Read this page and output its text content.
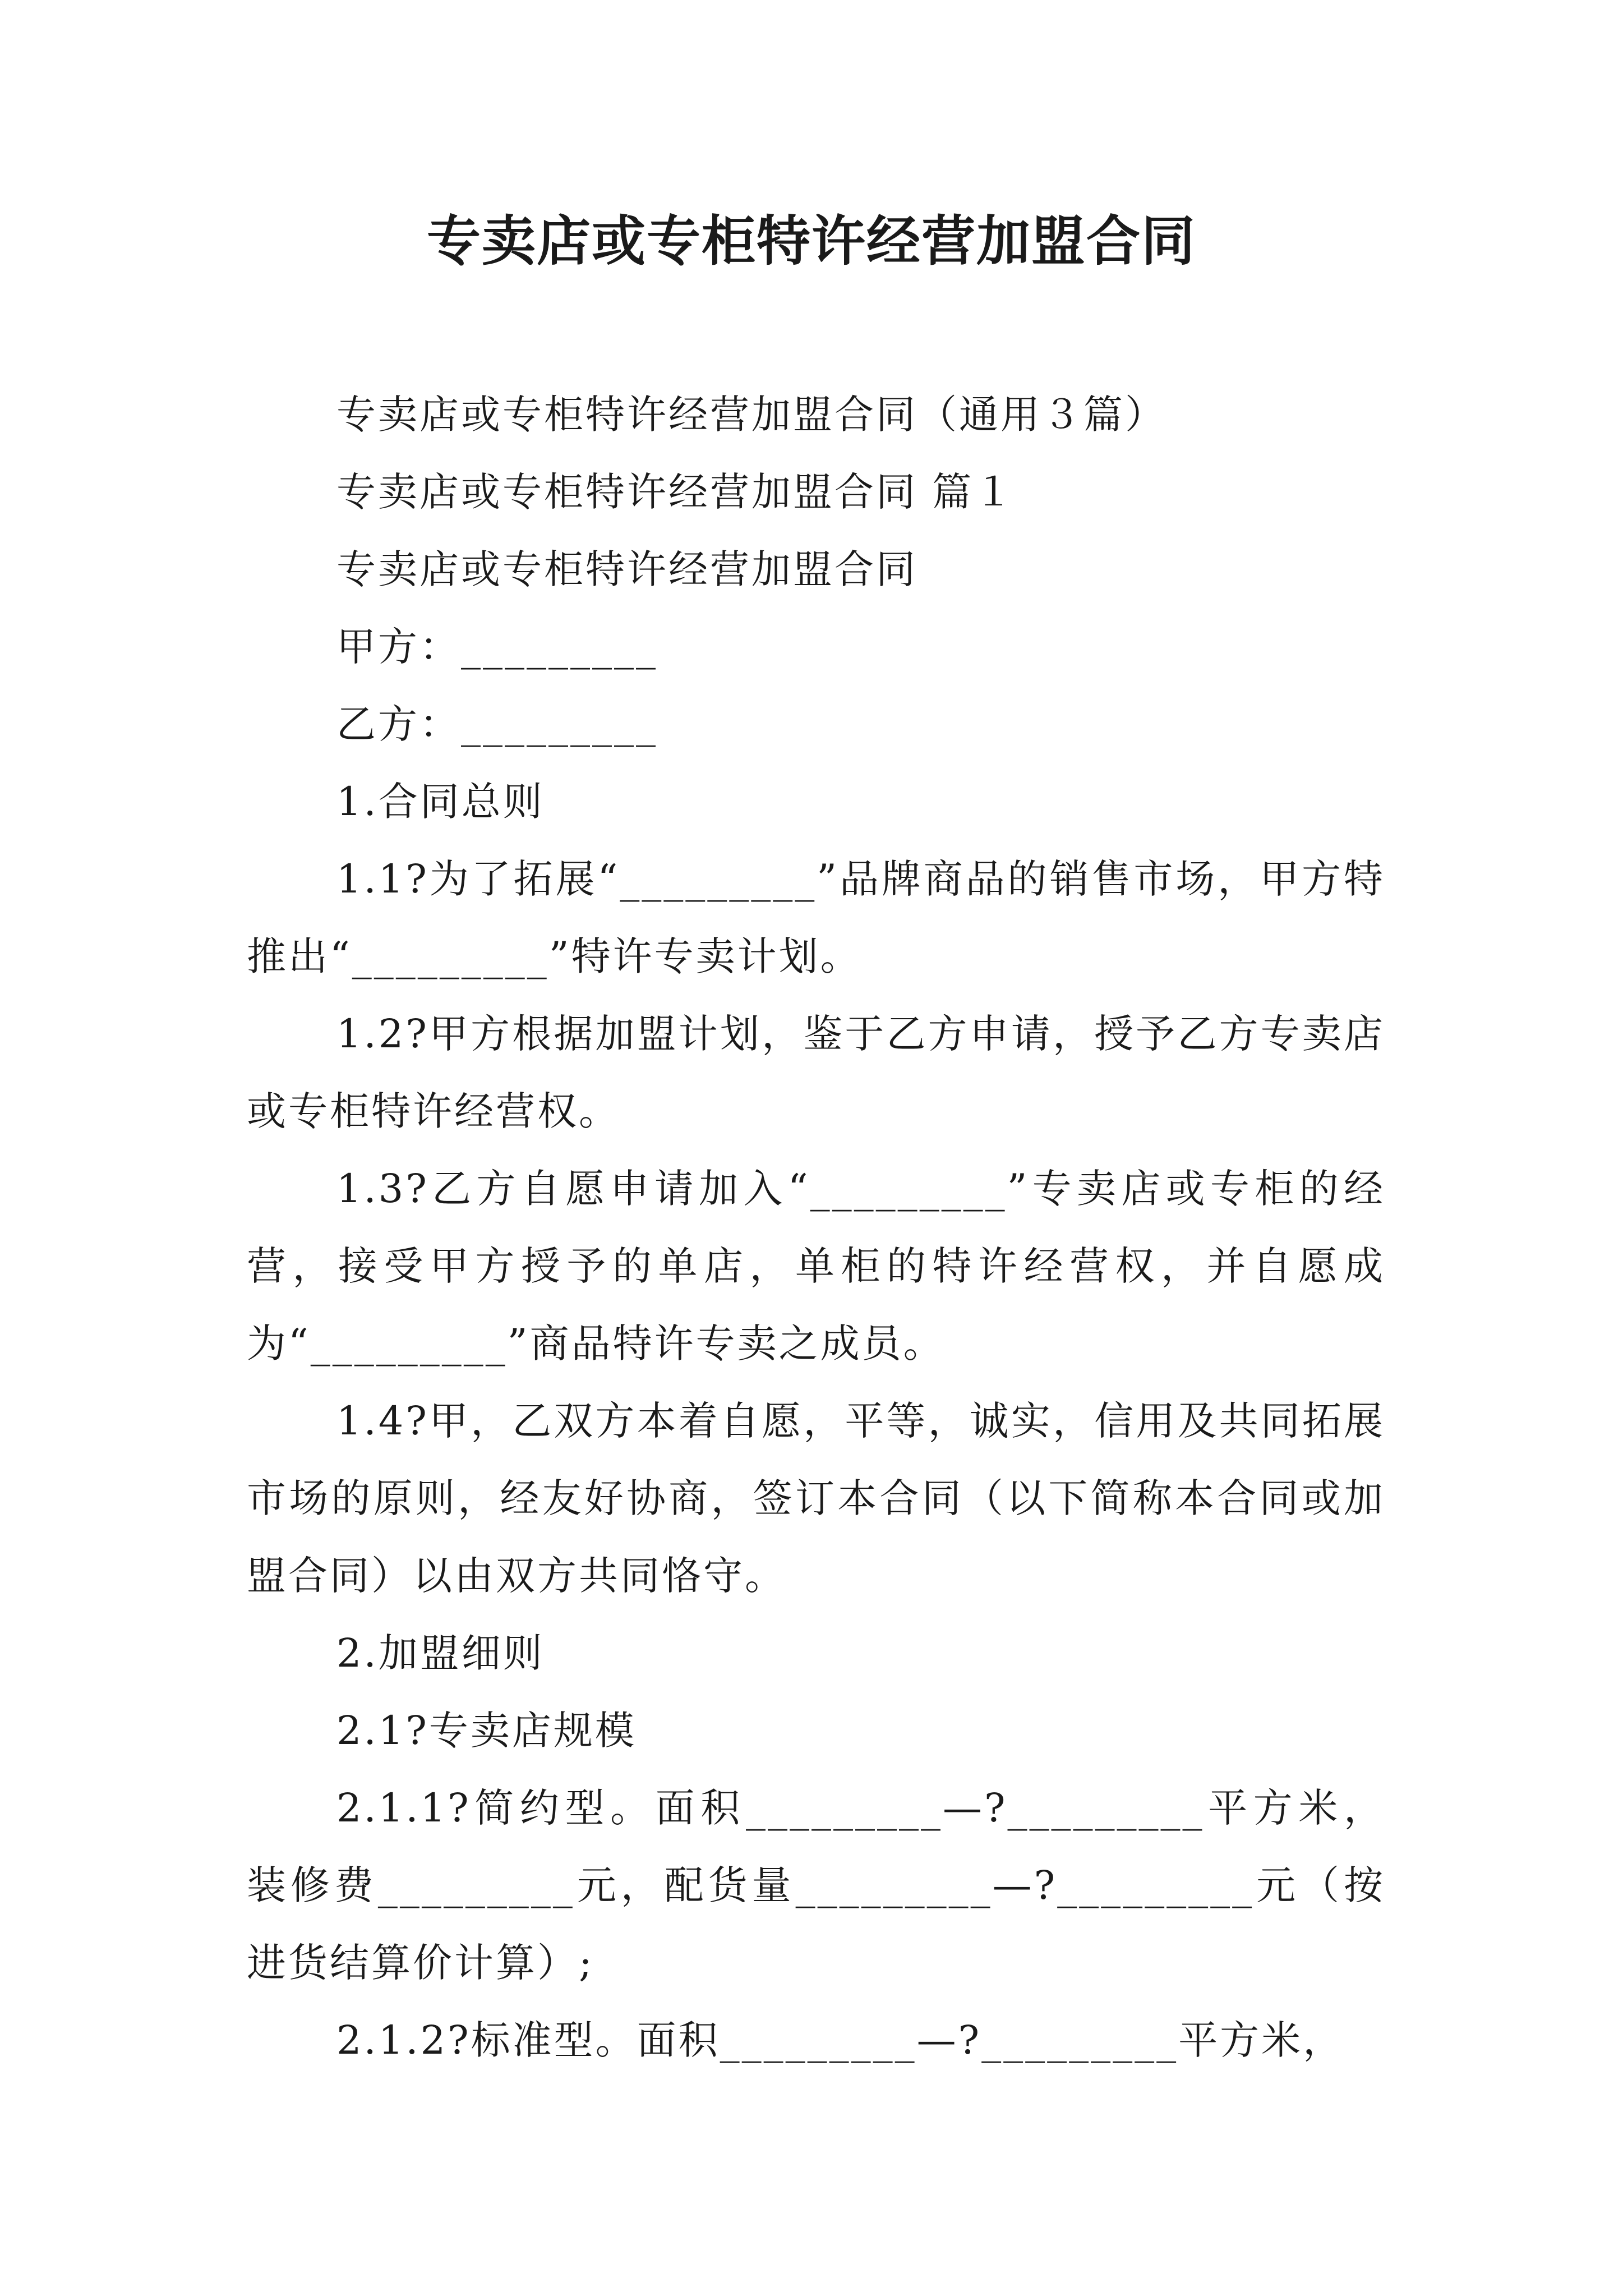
专卖店或专柜特许经营加盟合同

专卖店或专柜特许经营加盟合同（通用３篇）

专卖店或专柜特许经营加盟合同 篇１

专卖店或专柜特许经营加盟合同

甲方：_________

乙方：_________

1.合同总则

1.1?为了拓展“_________”品牌商品的销售市场，甲方特推出“_________”特许专卖计划。

1.2?甲方根据加盟计划，鉴于乙方申请，授予乙方专卖店或专柜特许经营权。

1.3?乙方自愿申请加入“_________”专卖店或专柜的经营，接受甲方授予的单店，单柜的特许经营权，并自愿成为“_________”商品特许专卖之成员。

1.4?甲，乙双方本着自愿，平等，诚实，信用及共同拓展市场的原则，经友好协商，签订本合同（以下简称本合同或加盟合同）以由双方共同恪守。

2.加盟细则

2.1?专卖店规模

2.1.1?简约型。面积_________—?_________平方米，装修费_________元，配货量_________—?_________元（按进货结算价计算）;

2.1.2?标准型。面积_________—?_________平方米，
